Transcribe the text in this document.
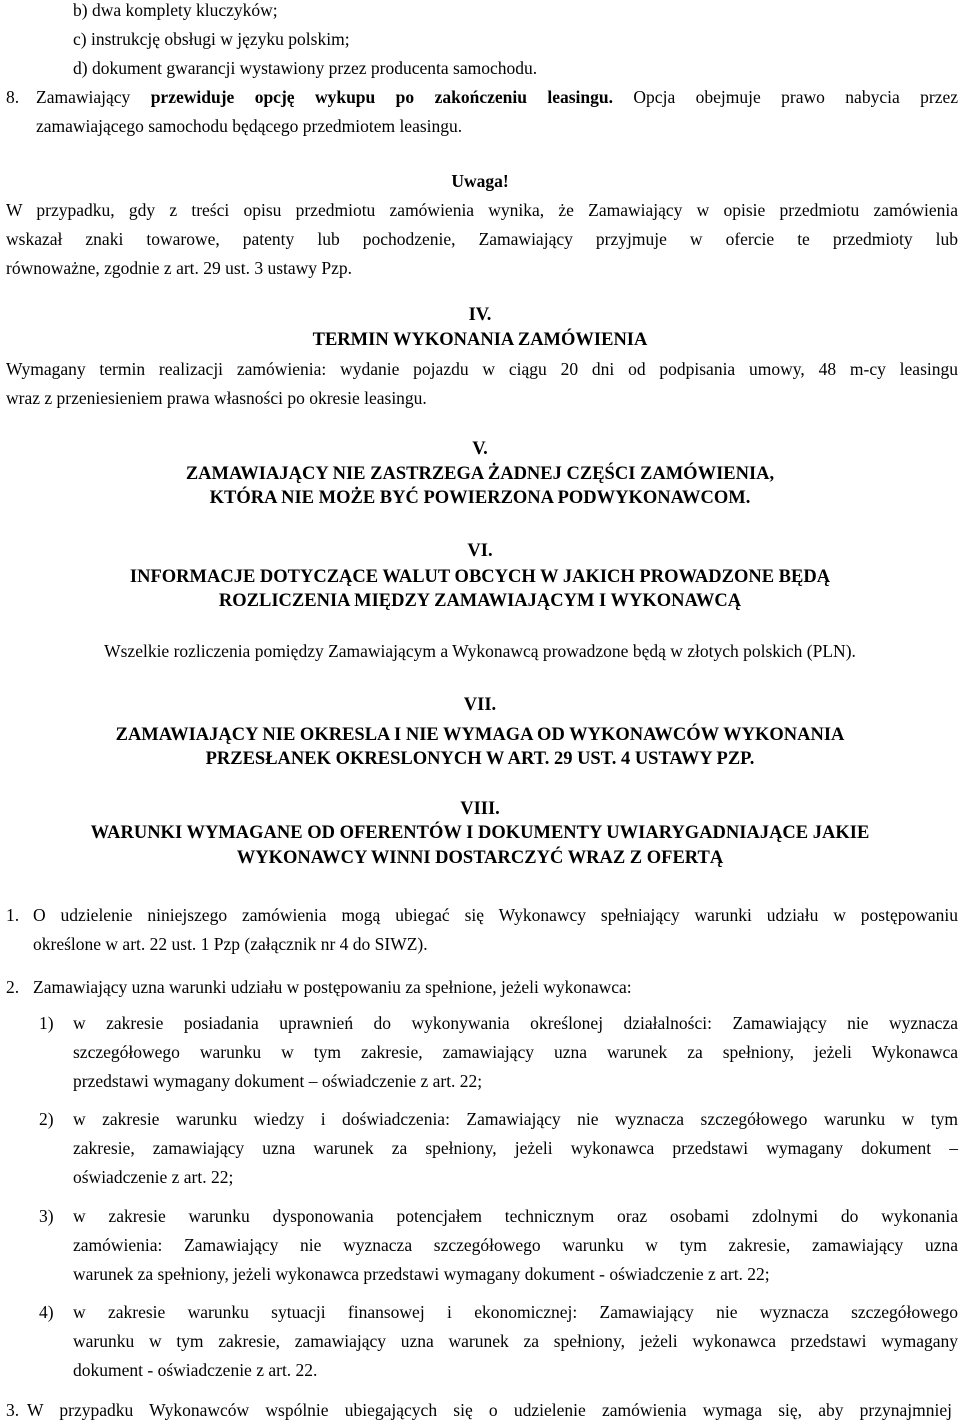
b) dwa komplety kluczyków;
c) instrukcję obsługi w języku polskim;
d) dokument gwarancji wystawiony przez producenta samochodu.
8. Zamawiający przewiduje opcję wykupu po zakończeniu leasingu. Opcja obejmuje prawo nabycia przez
zamawiającego samochodu będącego przedmiotem leasingu.
Uwaga!
W przypadku, gdy z treści opisu przedmiotu zamówienia wynika, że Zamawiający w opisie przedmiotu zamówienia
wskazał znaki towarowe, patenty lub pochodzenie, Zamawiający przyjmuje w ofercie te przedmioty lub
równoważne, zgodnie z art. 29 ust. 3 ustawy Pzp.
IV.
TERMIN WYKONANIA ZAMÓWIENIA
Wymagany termin realizacji zamówienia: wydanie pojazdu w ciągu 20 dni od podpisania umowy, 48 m-cy leasingu
wraz z przeniesieniem prawa własności po okresie leasingu.
V.
ZAMAWIAJĄCY NIE ZASTRZEGA ŻADNEJ CZĘŚCI ZAMÓWIENIA,
KTÓRA NIE MOŻE BYĆ POWIERZONA PODWYKONAWCOM.
VI.
INFORMACJE DOTYCZĄCE WALUT OBCYCH W JAKICH PROWADZONE BĘDĄ
ROZLICZENIA MIĘDZY ZAMAWIAJĄCYM I WYKONAWCĄ
Wszelkie rozliczenia pomiędzy Zamawiającym a Wykonawcą prowadzone będą w złotych polskich (PLN).
VII.
ZAMAWIAJĄCY NIE OKRESLA I NIE WYMAGA OD WYKONAWCÓW WYKONANIA
PRZESŁANEK OKRESLONYCH W ART. 29 UST. 4 USTAWY PZP.
VIII.
WARUNKI WYMAGANE OD OFERENTÓW I DOKUMENTY UWIARYGADNIAJĄCE JAKIE
WYKONAWCY WINNI DOSTARCZYĆ WRAZ Z OFERTĄ
1. O udzielenie niniejszego zamówienia mogą ubiegać się Wykonawcy spełniający warunki udziału w postępowaniu
określone w art. 22 ust. 1 Pzp (załącznik nr 4 do SIWZ).
2. Zamawiający uzna warunki udziału w postępowaniu za spełnione, jeżeli wykonawca:
1) w zakresie posiadania uprawnień do wykonywania określonej działalności: Zamawiający nie wyznacza
szczegółowego warunku w tym zakresie, zamawiający uzna warunek za spełniony, jeżeli Wykonawca
przedstawi wymagany dokument – oświadczenie z art. 22;
2) w zakresie warunku wiedzy i doświadczenia: Zamawiający nie wyznacza szczegółowego warunku w tym
zakresie, zamawiający uzna warunek za spełniony, jeżeli wykonawca przedstawi wymagany dokument –
oświadczenie z art. 22;
3) w zakresie warunku dysponowania potencjałem technicznym oraz osobami zdolnymi do wykonania
zamówienia: Zamawiający nie wyznacza szczegółowego warunku w tym zakresie, zamawiający uzna
warunek za spełniony, jeżeli wykonawca przedstawi wymagany dokument - oświadczenie z art. 22;
4) w zakresie warunku sytuacji finansowej i ekonomicznej: Zamawiający nie wyznacza szczegółowego
warunku w tym zakresie, zamawiający uzna warunek za spełniony, jeżeli wykonawca przedstawi wymagany
dokument - oświadczenie z art. 22.
3. W przypadku Wykonawców wspólnie ubiegających się o udzielenie zamówienia wymaga się, aby przynajmniej
